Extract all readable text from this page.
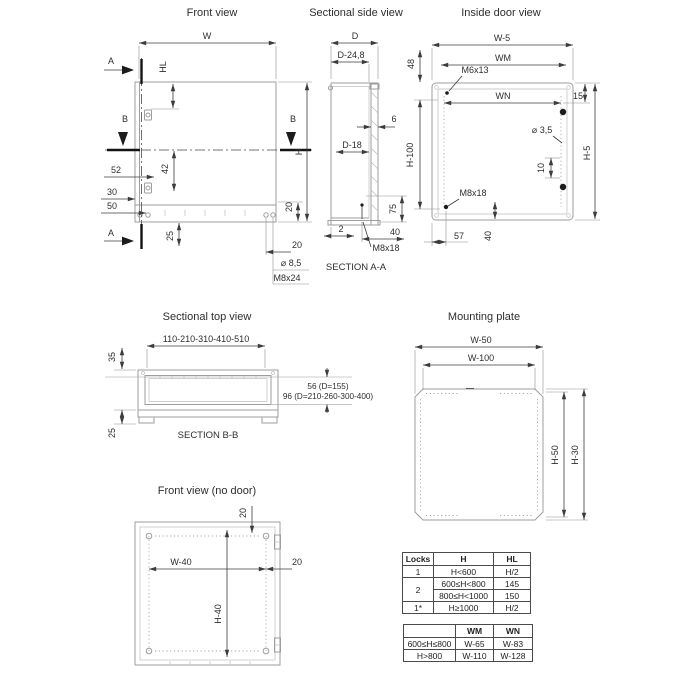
Front view
A
A
B	B
W
HL
42
52
30
50
25
20
H
20
⌀ 8,5
M8x24
Sectional side view
D
D-24,8
6
D-18
75
2	40
M8x18
SECTION A-A
Inside door view
W-5
WM
M6x13
48
H-100
WN	15
H-5
⌀ 3,5
10
M8x18
57 40
Sectional top view
110-210-310-410-510
35
25
56 (D=155)
96 (D=210-260-300-400)
SECTION B-B
Mounting plate
W-50
W-100
H-50 H-30
Front view (no door)
20
W-40	20
H-40
Locks	H	HL
1	H<600	H/2
2	600≤H<800	145
	800≤H<1000	150
1*	H≥1000	H/2
	WM	WN
600≤H≤800	W-65	W-83
H>800	W-110	W-128
